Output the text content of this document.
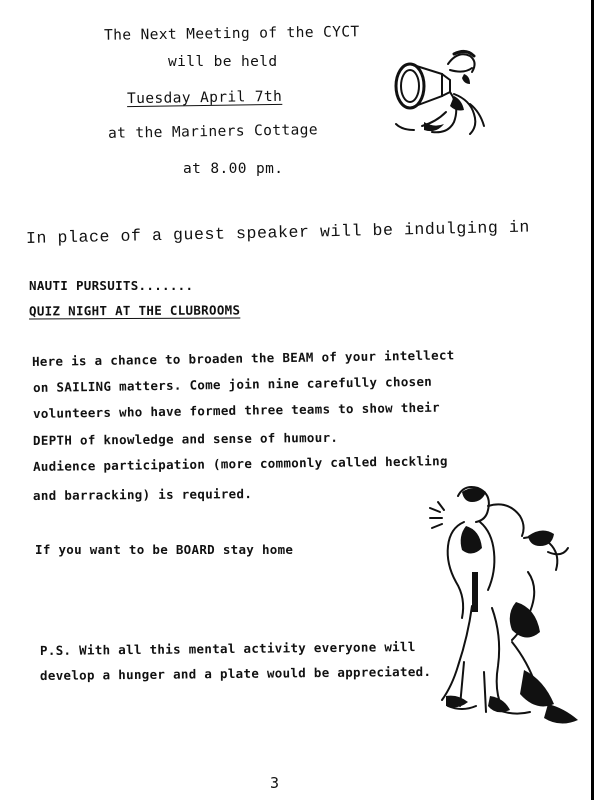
The Next Meeting of the CYCT
will be held
Tuesday April 7th
at the Mariners Cottage
at 8.00 pm.
In place of a guest speaker will be indulging in
NAUTI PURSUITS.......
QUIZ NIGHT AT THE CLUBROOMS
Here is a chance to broaden the BEAM of your intellect
on SAILING matters. Come join nine carefully chosen
volunteers who have formed three teams to show their
DEPTH of knowledge and sense of humour.
Audience participation (more commonly called heckling
and barracking) is required.
If you want to be BOARD stay home
P.S. With all this mental activity everyone will
develop a hunger and a plate would be appreciated.
3
